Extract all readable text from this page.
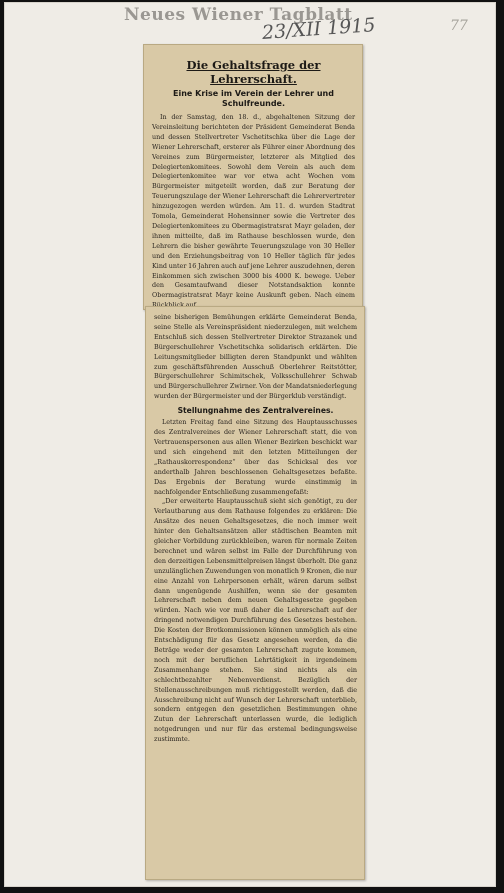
Neues Wiener Tagblatt
23/XII 1915	77
Die Gehaltsfrage der Lehrerschaft.
Eine Krise im Verein der Lehrer und Schulfreunde.

In der Samstag, den 18. d., abgehaltenen Sitzung der Vereinsleitung berichteten der Präsident Gemeinderat Benda und dessen Stellvertreter Vschetitschka über die Lage der Wiener Lehrerschaft, ersterer als Führer einer Abordnung des Vereines zum Bürgermeister, letzterer als Mitglied des Delegiertenkomitees. Sowohl dem Verein als auch dem Delegiertenkomitee war vor etwa acht Wochen vom Bürgermeister mitgeteilt worden, daß zur Beratung der Teuerungszulage der Wiener Lehrerschaft die Lehrervertreter hinzugezogen werden würden. Am 11. d. wurden Stadtrat Tomola, Gemeinderat Hohensinner sowie die Vertreter des Delegiertenkomitees zu Obermagistratsrat Mayr geladen, der ihnen mitteilte, daß im Rathause beschlossen wurde, den Lehrern die bisher gewährte Teuerungszulage von 30 Heller und den Erziehungsbeitrag von 10 Heller täglich für jedes Kind unter 16 Jahren auch auf jene Lehrer auszudehnen, deren Einkommen sich zwischen 3000 bis 4000 K. bewege. Ueber den Gesamtaufwand dieser Notstandsaktion konnte Obermagistratsrat Mayr keine Auskunft geben. Nach einem

seine bisherigen Bemühungen erklärte Gemeinderat Benda, seine Stelle als Vereinspräsident niederzulegen, mit welchem Entschluß sich dessen Stellvertreter Direktor Strazanek und Bürgerschullehrer Vschetitschka solidarisch erklärten. Die Leitungsmitglieder billigten deren Standpunkt und wählten zum geschäftsführenden Ausschuß Oberlehrer Reitstötter, Bürgerschullehrer Schimitschek, Volksschullehrer Schwab und Bürgerschullehrer Zwirner. Von der Mandatsniederlegung wurden der Bürgermeister und der Bürgerklub verständigt.

Stellungnahme des Zentralvereines.

Letzten Freitag fand eine Sitzung des Hauptausschusses des Zentralvereines der Wiener Lehrerschaft statt, die von Vertrauenspersonen aus allen Wiener Bezirken beschickt war und sich eingehend mit den letzten Mitteilungen der „Rathauskorrespondenz“ über das Schicksal des vor anderthalb Jahren beschlossenen Gehaltsgesetzes befaßte. Das Ergebnis der Beratung wurde einstimmig in nachfolgender Entschließung zusammengefaßt:

„Der erweiterte Hauptausschuß sieht sich genötigt, zu der Verlautbarung aus dem Rathause folgendes zu erklären: Die Ansätze des neuen Gehaltsgesetzes, die noch immer weit hinter den Gehaltsansätzen aller städtischen Beamten mit gleicher Vorbildung zurückbleiben, waren für normale Zeiten berechnet und wären selbst im Falle der Durchführung von den derzeitigen Lebensmittelpreisen längst überholt. Die ganz unzulänglichen Zuwendungen von monatlich 9 Kronen, die nur eine Anzahl von Lehrpersonen erhält, wären darum selbst dann ungenügende Aushilfen, wenn sie der gesamten Lehrerschaft neben dem neuen Gehaltsgesetze gegeben würden. Nach wie vor muß daher die Lehrerschaft auf der dringend notwendigen Durchführung des Gesetzes bestehen. Die Kosten der Brotkommissionen können unmöglich als eine Entschädigung für das Gesetz angesehen werden, da die Beträge weder der gesamten Lehrerschaft zugute kommen, noch mit der beruflichen Lehrtätigkeit in irgendeinem Zusammenhange stehen. Sie sind nichts als ein schlechtbezahlter Nebenverdienst. Bezüglich der Stellenausschreibungen muß richtiggestellt werden, daß die Ausschreibung nicht auf Wunsch der Lehrerschaft unterblieb, sondern entgegen den gesetzlichen Bestimmungen ohne Zutun der Lehrerschaft unterlassen wurde, die lediglich notgedrungen und nur für das erstemal bedingungsweise zustimmte.
